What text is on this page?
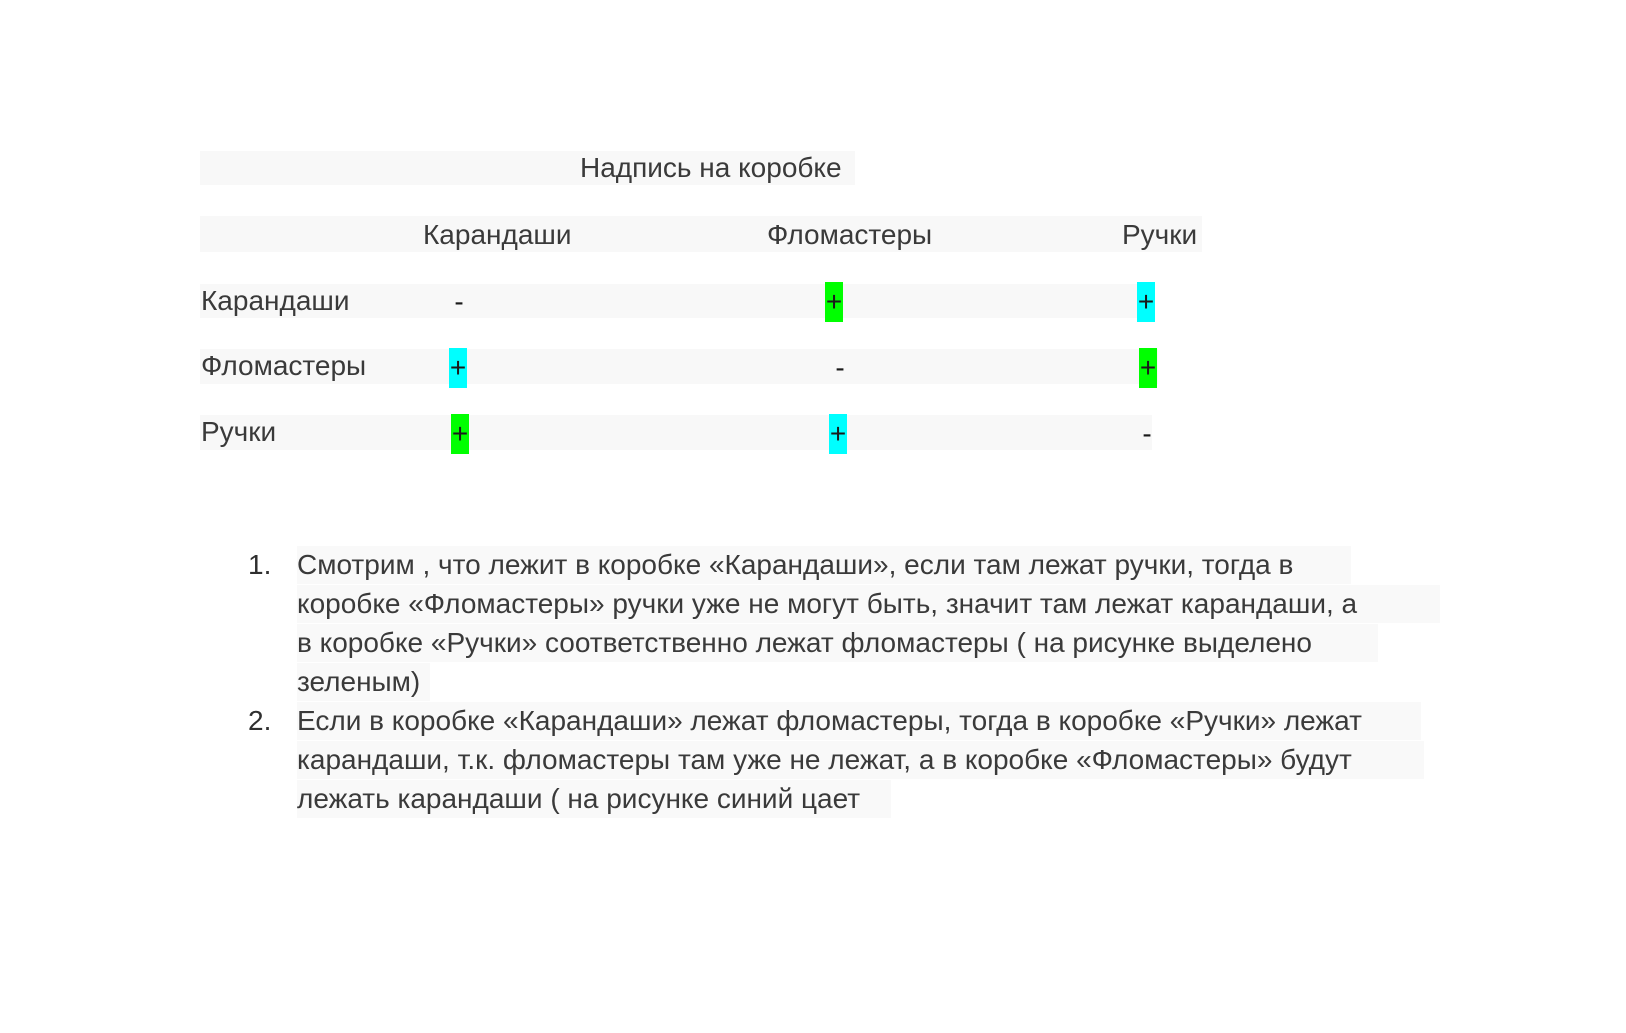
Надпись на коробке
Карандаши	Фломастеры	Ручки
Карандаши	-	+	+
Фломастеры	+	-	+
Ручки	+	+	-
1. Смотрим , что лежит в коробке «Карандаши», если там лежат ручки, тогда в
коробке «Фломастеры» ручки уже не могут быть, значит там лежат карандаши, а
в коробке «Ручки» соответственно лежат фломастеры ( на рисунке выделено
зеленым)
2. Если в коробке «Карандаши» лежат фломастеры, тогда в коробке «Ручки» лежат
карандаши, т.к. фломастеры там уже не лежат, а в коробке «Фломастеры» будут
лежать карандаши ( на рисунке синий цает
